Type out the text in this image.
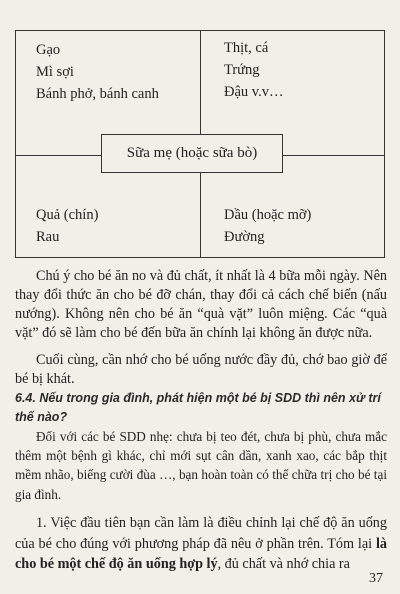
Gạo
Mì sợi
Bánh phở, bánh canh
Thịt, cá
Trứng
Đậu v.v…
Quả (chín)
Rau
Dầu (hoặc mỡ)
Đường
Sữa mẹ (hoặc sữa bò)

Chú ý cho bé ăn no và đủ chất, ít nhất là 4 bữa mỗi ngày. Nên thay đổi thức ăn cho bé đỡ chán, thay đổi cả cách chế biến (nấu nướng). Không nên cho bé ăn “quà vặt” luôn miệng. Các “quà vặt” đó sẽ làm cho bé đến bữa ăn chính lại không ăn được nữa.

Cuối cùng, cần nhớ cho bé uống nước đầy đủ, chớ bao giờ để bé bị khát.

6.4. Nếu trong gia đình, phát hiện một bé bị SDD thì nên xử trí thế nào?

Đối với các bé SDD nhẹ: chưa bị teo đét, chưa bị phù, chưa mắc thêm một bệnh gì khác, chỉ mới sụt cân dần, xanh xao, các bắp thịt mềm nhão, biếng cười đùa …, bạn hoàn toàn có thể chữa trị cho bé tại gia đình.

1. Việc đầu tiên bạn cần làm là điều chỉnh lại chế độ ăn uống của bé cho đúng với phương pháp đã nêu ở phần trên. Tóm lại là cho bé một chế độ ăn uống hợp lý, đủ chất và nhớ chia ra

37
